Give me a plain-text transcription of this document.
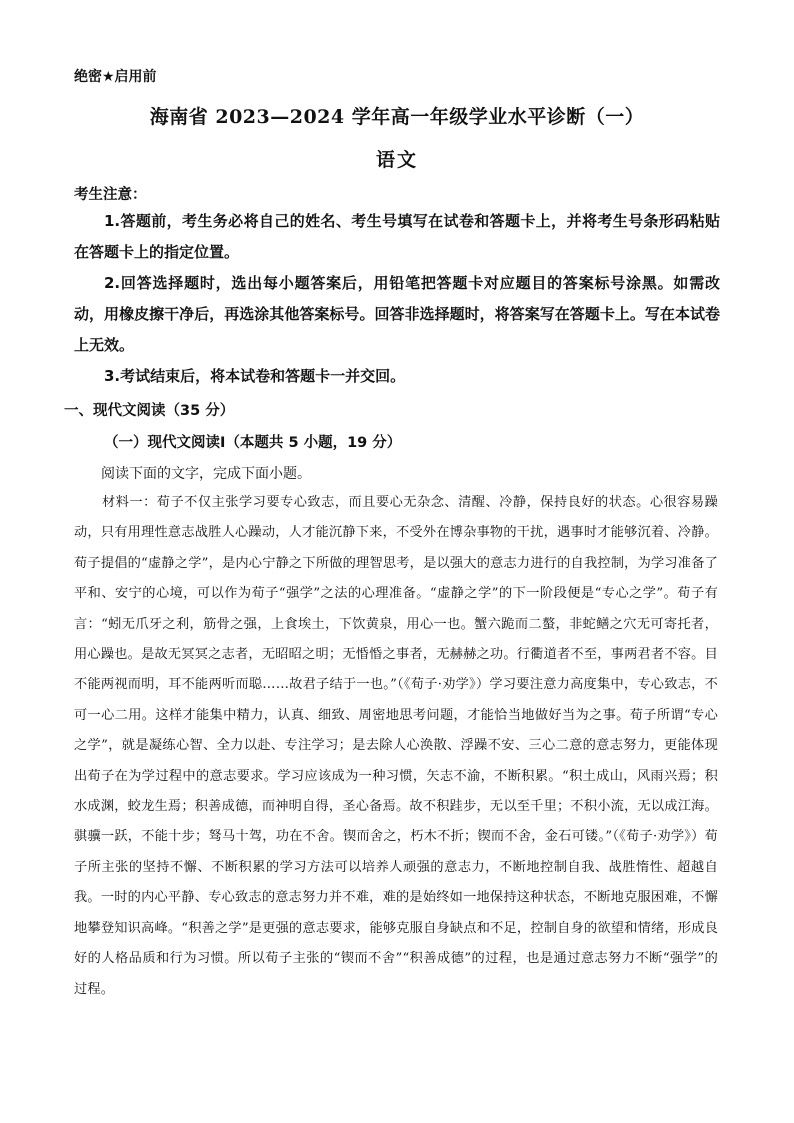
绝密★启用前
海南省 2023—2024 学年高一年级学业水平诊断（一）
语文
考生注意：
1.答题前，考生务必将自己的姓名、考生号填写在试卷和答题卡上，并将考生号条形码粘贴在答题卡上的指定位置。
2.回答选择题时，选出每小题答案后，用铅笔把答题卡对应题目的答案标号涂黑。如需改动，用橡皮擦干净后，再选涂其他答案标号。回答非选择题时，将答案写在答题卡上。写在本试卷上无效。
3.考试结束后，将本试卷和答题卡一并交回。
一、现代文阅读（35 分）
（一）现代文阅读Ⅰ（本题共 5 小题，19 分）
阅读下面的文字，完成下面小题。
材料一：荀子不仅主张学习要专心致志，而且要心无杂念、清醒、冷静，保持良好的状态。心很容易躁动，只有用理性意志战胜人心躁动，人才能沉静下来，不受外在博杂事物的干扰，遇事时才能够沉着、冷静。荀子提倡的“虚静之学”，是内心宁静之下所做的理智思考，是以强大的意志力进行的自我控制，为学习准备了平和、安宁的心境，可以作为荀子“强学”之法的心理准备。“虚静之学”的下一阶段便是“专心之学”。荀子有言：“蚓无爪牙之利，筋骨之强，上食埃土，下饮黄泉，用心一也。蟹六跪而二螯，非蛇鳝之穴无可寄托者，用心躁也。是故无冥冥之志者，无昭昭之明；无惛惛之事者，无赫赫之功。行衢道者不至，事两君者不容。目不能两视而明，耳不能两听而聪……故君子结于一也。”（《荀子·劝学》）学习要注意力高度集中，专心致志，不可一心二用。这样才能集中精力，认真、细致、周密地思考问题，才能恰当地做好当为之事。荀子所谓“专心之学”，就是凝练心智、全力以赴、专注学习；是去除人心涣散、浮躁不安、三心二意的意志努力，更能体现出荀子在为学过程中的意志要求。学习应该成为一种习惯，矢志不渝，不断积累。“积土成山，风雨兴焉；积水成渊，蛟龙生焉；积善成德，而神明自得，圣心备焉。故不积跬步，无以至千里；不积小流，无以成江海。骐骥一跃，不能十步；驽马十驾，功在不舍。锲而舍之，朽木不折；锲而不舍，金石可镂。”（《荀子·劝学》）荀子所主张的坚持不懈、不断积累的学习方法可以培养人顽强的意志力，不断地控制自我、战胜惰性、超越自我。一时的内心平静、专心致志的意志努力并不难，难的是始终如一地保持这种状态，不断地克服困难，不懈地攀登知识高峰。“积善之学”是更强的意志要求，能够克服自身缺点和不足，控制自身的欲望和情绪，形成良好的人格品质和行为习惯。所以荀子主张的“锲而不舍”“积善成德”的过程，也是通过意志努力不断“强学”的过程。
